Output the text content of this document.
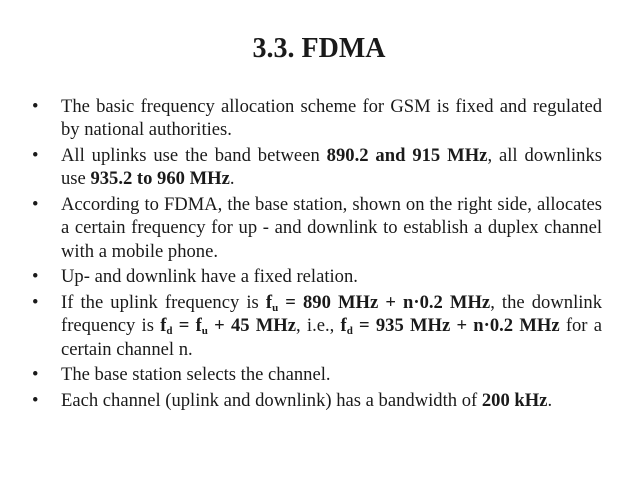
3.3. FDMA
• The basic frequency allocation scheme for GSM is fixed and regulated by national authorities.
• All uplinks use the band between 890.2 and 915 MHz, all downlinks use 935.2 to 960 MHz.
• According to FDMA, the base station, shown on the right side, allocates a certain frequency for up - and downlink to establish a duplex channel with a mobile phone.
• Up- and downlink have a fixed relation.
• If the uplink frequency is $f_u = 890$ MHz + n·0.2 MHz, the downlink frequency is $f_d = f_u + 45$ MHz, i.e., $f_d = 935$ MHz + n·0.2 MHz for a certain channel n.
• The base station selects the channel.
• Each channel (uplink and downlink) has a bandwidth of 200 kHz.
